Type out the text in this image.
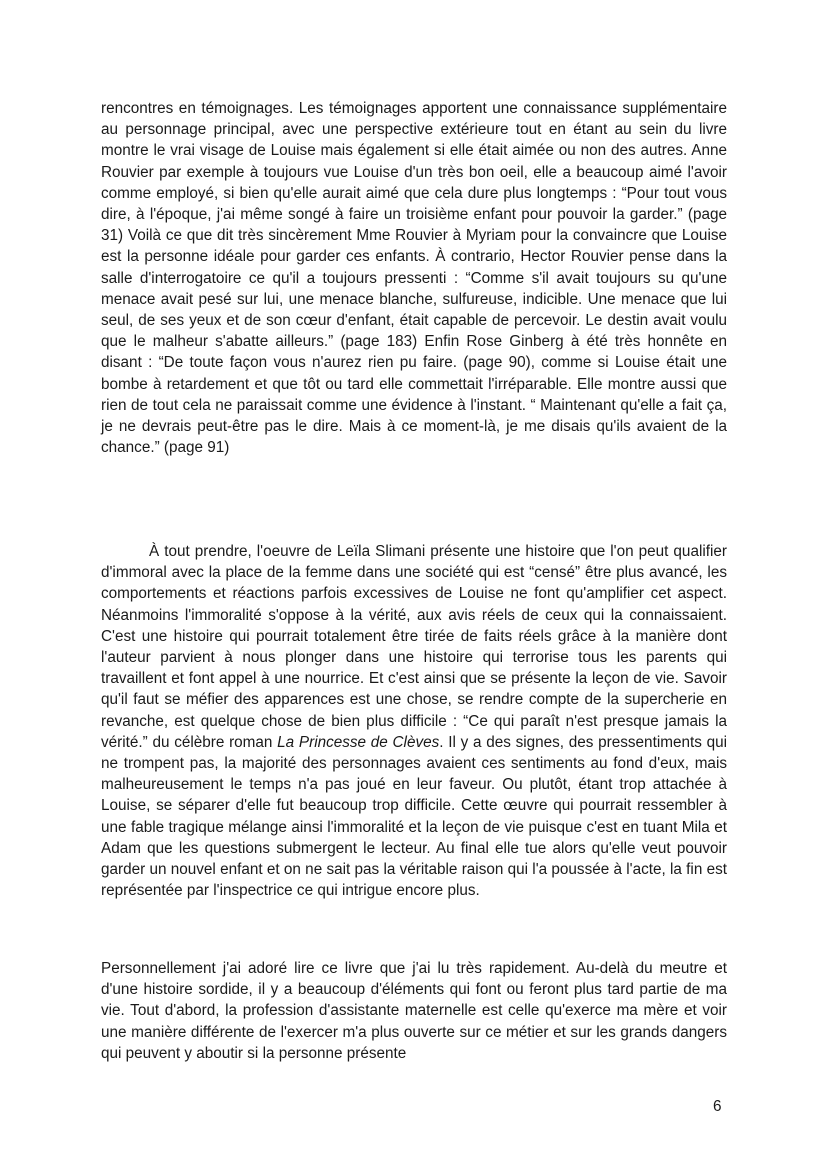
rencontres en témoignages. Les témoignages apportent une connaissance supplémentaire au personnage principal, avec une perspective extérieure tout en étant au sein du livre montre le vrai visage de Louise mais également si elle était aimée ou non des autres. Anne Rouvier par exemple à toujours vue Louise d'un très bon oeil, elle a beaucoup aimé l'avoir comme employé, si bien qu'elle aurait aimé que cela dure plus longtemps : “Pour tout vous dire, à l'époque, j'ai même songé à faire un troisième enfant pour pouvoir la garder.” (page 31) Voilà ce que dit très sincèrement Mme Rouvier à Myriam pour la convaincre que Louise est la personne idéale pour garder ces enfants. À contrario, Hector Rouvier pense dans la salle d'interrogatoire ce qu'il a toujours pressenti : “Comme s'il avait toujours su qu'une menace avait pesé sur lui, une menace blanche, sulfureuse, indicible. Une menace que lui seul, de ses yeux et de son cœur d'enfant, était capable de percevoir. Le destin avait voulu que le malheur s'abatte ailleurs.” (page 183) Enfin Rose Ginberg à été très honnête en disant : “De toute façon vous n'aurez rien pu faire. (page 90), comme si Louise était une bombe à retardement et que tôt ou tard elle commettait l'irréparable. Elle montre aussi que rien de tout cela ne paraissait comme une évidence à l'instant. “ Maintenant qu'elle a fait ça, je ne devrais peut-être pas le dire. Mais à ce moment-là, je me disais qu'ils avaient de la chance.” (page 91)

À tout prendre, l'oeuvre de Leïla Slimani présente une histoire que l'on peut qualifier d'immoral avec la place de la femme dans une société qui est “censé” être plus avancé, les comportements et réactions parfois excessives de Louise ne font qu'amplifier cet aspect. Néanmoins l'immoralité s'oppose à la vérité, aux avis réels de ceux qui la connaissaient. C'est une histoire qui pourrait totalement être tirée de faits réels grâce à la manière dont l'auteur parvient à nous plonger dans une histoire qui terrorise tous les parents qui travaillent et font appel à une nourrice. Et c'est ainsi que se présente la leçon de vie. Savoir qu'il faut se méfier des apparences est une chose, se rendre compte de la supercherie en revanche, est quelque chose de bien plus difficile : “Ce qui paraît n'est presque jamais la vérité.” du célèbre roman La Princesse de Clèves. Il y a des signes, des pressentiments qui ne trompent pas, la majorité des personnages avaient ces sentiments au fond d'eux, mais malheureusement le temps n'a pas joué en leur faveur. Ou plutôt, étant trop attachée à Louise, se séparer d'elle fut beaucoup trop difficile. Cette œuvre qui pourrait ressembler à une fable tragique mélange ainsi l'immoralité et la leçon de vie puisque c'est en tuant Mila et Adam que les questions submergent le lecteur. Au final elle tue alors qu'elle veut pouvoir garder un nouvel enfant et on ne sait pas la véritable raison qui l'a poussée à l'acte, la fin est représentée par l'inspectrice ce qui intrigue encore plus.

Personnellement j'ai adoré lire ce livre que j'ai lu très rapidement. Au-delà du meutre et d'une histoire sordide, il y a beaucoup d'éléments qui font ou feront plus tard partie de ma vie. Tout d'abord, la profession d'assistante maternelle est celle qu'exerce ma mère et voir une manière différente de l'exercer m'a plus ouverte sur ce métier et sur les grands dangers qui peuvent y aboutir si la personne présente

6
